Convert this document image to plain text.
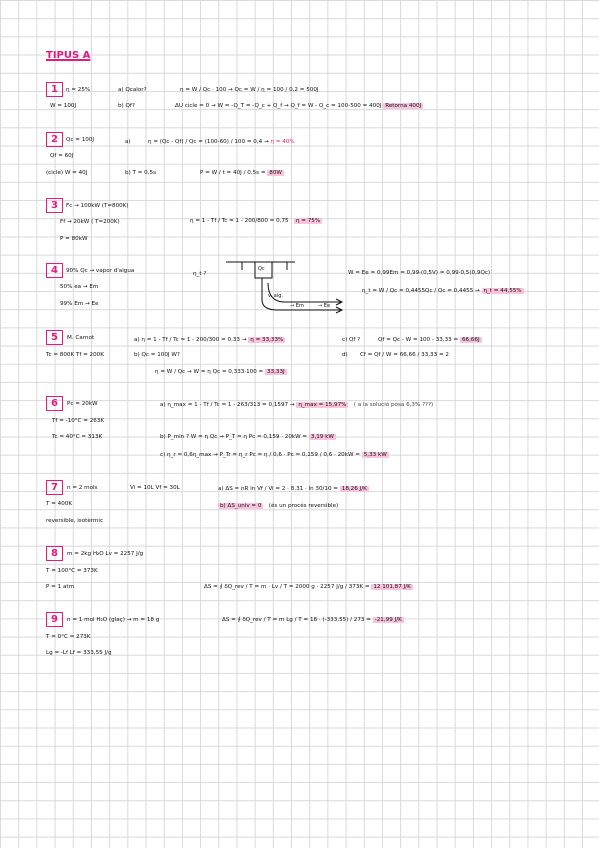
TIPUS A
1	η = 25%
W = 100J
a) Qcalor?
b) Qf?
η = W / Qc · 100 → Qc = W / η = 100 / 0,2 = 500J
ΔU cicle = 0 → W = -Q_T = -Q_c + Q_f → Q_f = W - Q_c = 100-500 = 400J Retorna 400J
2	Qc = 100J
Qf = 60J
(cicle) W = 40J
a)	η = (Qc - Qf) / Qc = (100-60) / 100 = 0,4 → η = 40%
b) T = 0,5s	P = W / t = 40J / 0,5s = 80W
3	Fc → 100kW (T=800K)
Ff → 20kW ( T=200K)
P = 80kW
η = 1 - Tf / Tc = 1 - 200/800 = 0,75 η = 75%
4	90% Qc → vapor d'aigua
50% ea → Em
99% Em → Ee
η_t ?
Qc
v. aig.
→ Em	→ Ee
W = Ee = 0,99Em = 0,99·(0,5V) = 0,99·0,5(0,9Qc)
η_t = W / Qc = 0,4455Qc / Qc = 0,4455 → η_t = 44,55%
5	M. Carnot
Tc = 800K Tf = 200K
a) η = 1 - Tf / Tc = 1 - 200/300 = 0,33 → η = 33,33%
b) Qc = 100J W?
η = W / Qc → W = η Qc = 0,333·100 = 33,33J
c) Qf ?	Qf = Qc - W = 100 - 33,33 = 66,66J
d) Cf = Qf / W = 66,66 / 33,33 = 2
6	Pc = 20kW
Tf = -10°C = 263K
Tc = 40°C = 313K
a) η_max = 1 - Tf / Tc = 1 - 263/313 = 0,1597 → η_max = 15,97% ( a la solució posa 6,3% ???)
b) P_min ? W = η Qc → P_T = η Pc = 0,159 · 20kW = 3,19 kW
c) η_r = 0,6η_max → P_Tr = η_r Pc = η / 0,6 · Pc = 0,159 / 0,6 · 20kW = 5,33 kW
7	n = 2 mols	Vi = 10L Vf = 30L
T = 400K
reversible, isotèrmic
a) ΔS = nR ln Vf / Vi = 2 · 8,31 · ln 30/10 = 18,26 J/K
b) ΔS_univ = 0 (és un procés reversible)
8	m = 2kg H₂O Lv = 2257 J/g
T = 100°C = 373K
P = 1 atm	ΔS = ∮ δQ_rev / T = m · Lv / T = 2000 g · 2257 J/g / 373K = 12 101,87 J/K
9	n = 1 mol H₂O (glaç) → m = 18 g
T = 0°C = 273K
Lg = -Lf Lf = 333,55 J/g
ΔS = ∮ δQ_rev / T = m Lg / T = 18 · (-333,55) / 273 = -21,99 J/K
